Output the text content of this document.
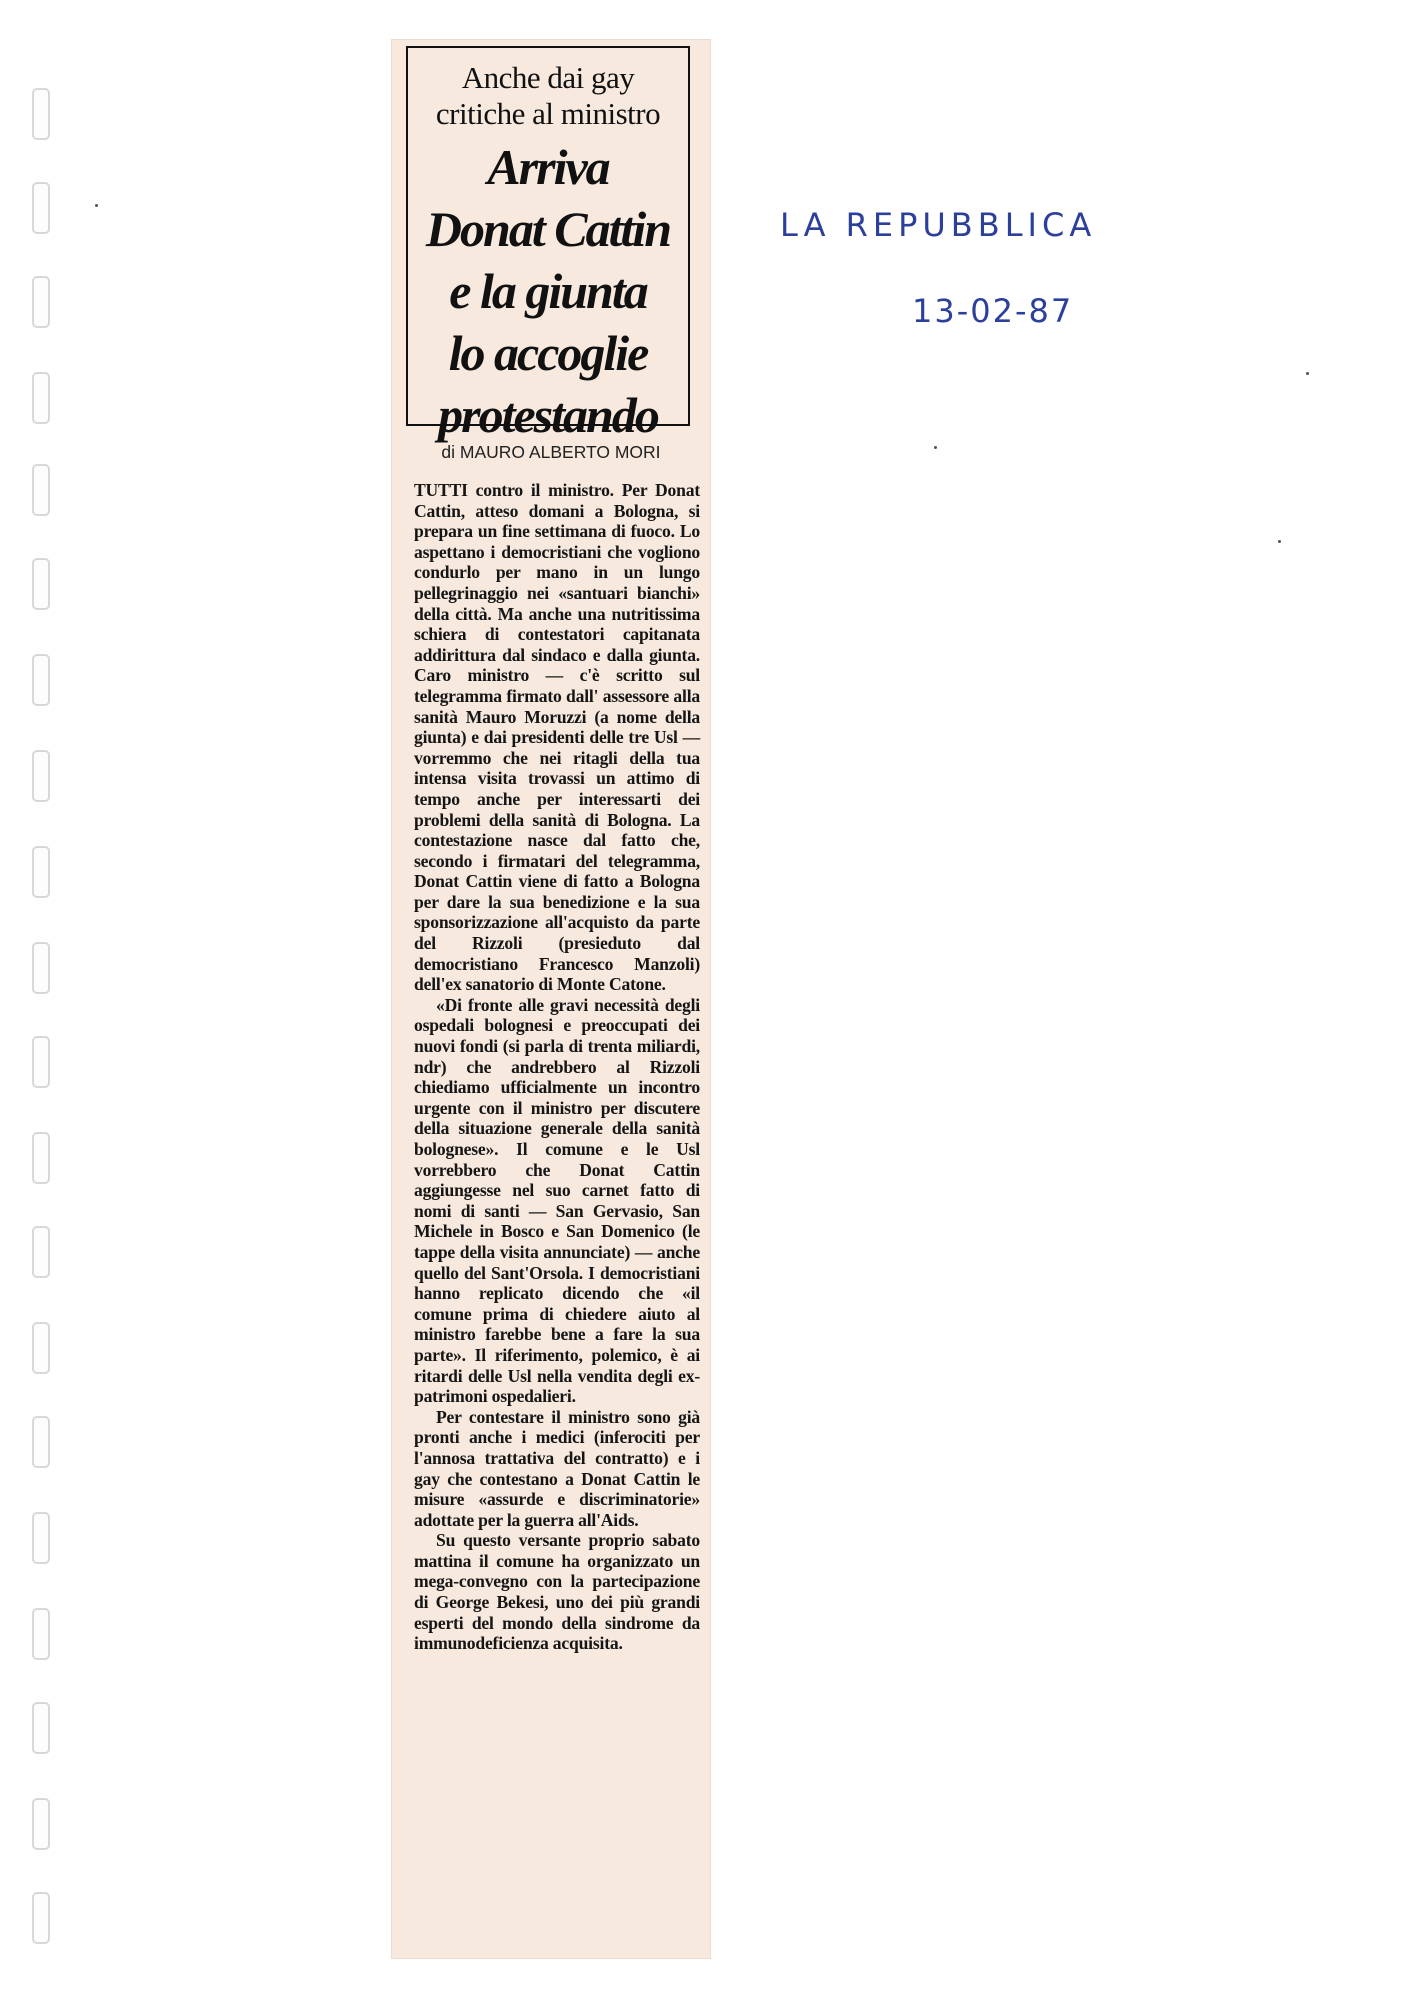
Anche dai gay
critiche al ministro
Arriva
Donat Cattin
e la giunta
lo accoglie
protestando
di MAURO ALBERTO MORI

TUTTI contro il ministro. Per Donat Cattin, atteso domani a Bologna, si prepara un fine settimana di fuoco. Lo aspettano i democristiani che vogliono condurlo per mano in un lungo pellegrinaggio nei «santuari bianchi» della città. Ma anche una nutritissima schiera di contestatori capitanata addirittura dal sindaco e dalla giunta. Caro ministro — c'è scritto sul telegramma firmato dall' assessore alla sanità Mauro Moruzzi (a nome della giunta) e dai presidenti delle tre Usl — vorremmo che nei ritagli della tua intensa visita trovassi un attimo di tempo anche per interessarti dei problemi della sanità di Bologna. La contestazione nasce dal fatto che, secondo i firmatari del telegramma, Donat Cattin viene di fatto a Bologna per dare la sua benedizione e la sua sponsorizzazione all'acquisto da parte del Rizzoli (presieduto dal democristiano Francesco Manzoli) dell'ex sanatorio di Monte Catone.

«Di fronte alle gravi necessità degli ospedali bolognesi e preoccupati dei nuovi fondi (si parla di trenta miliardi, ndr) che andrebbero al Rizzoli chiediamo ufficialmente un incontro urgente con il ministro per discutere della situazione generale della sanità bolognese». Il comune e le Usl vorrebbero che Donat Cattin aggiungesse nel suo carnet fatto di nomi di santi — San Gervasio, San Michele in Bosco e San Domenico (le tappe della visita annunciate) — anche quello del Sant'Orsola. I democristiani hanno replicato dicendo che «il comune prima di chiedere aiuto al ministro farebbe bene a fare la sua parte». Il riferimento, polemico, è ai ritardi delle Usl nella vendita degli ex-patrimoni ospedalieri.

Per contestare il ministro sono già pronti anche i medici (inferociti per l'annosa trattativa del contratto) e i gay che contestano a Donat Cattin le misure «assurde e discriminatorie» adottate per la guerra all'Aids.

Su questo versante proprio sabato mattina il comune ha organizzato un mega-convegno con la partecipazione di George Bekesi, uno dei più grandi esperti del mondo della sindrome da immunodeficienza acquisita.

LA REPUBBLICA
13-02-87
